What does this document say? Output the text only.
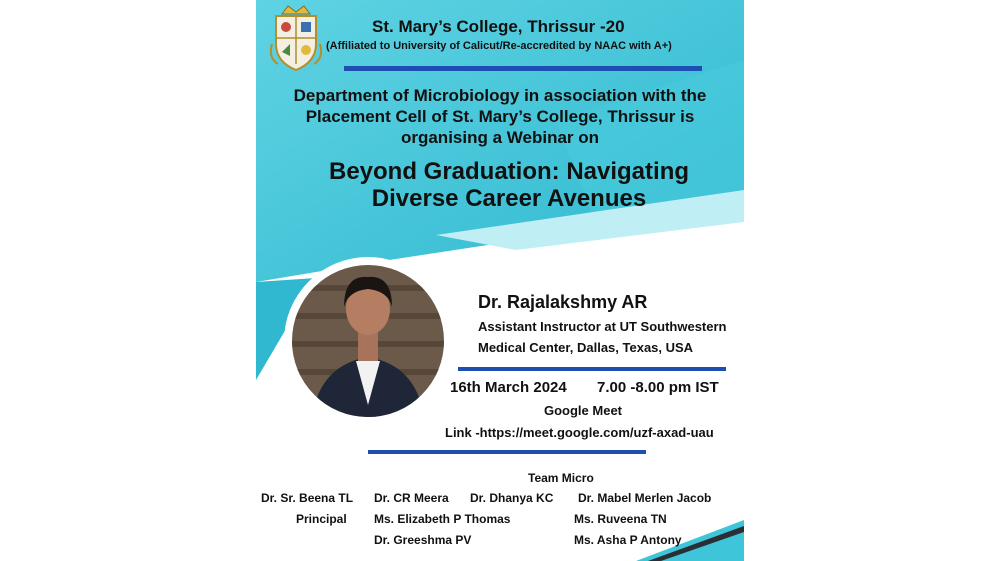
St. Mary’s College, Thrissur -20
(Affiliated to University of Calicut/Re-accredited by NAAC with A+)
Department of Microbiology in association with the
Placement Cell of St. Mary’s College, Thrissur is
organising a Webinar on
Beyond Graduation: Navigating
Diverse Career Avenues
Dr. Rajalakshmy AR
Assistant Instructor at UT Southwestern
Medical Center, Dallas, Texas, USA
16th March 2024 7.00 -8.00 pm IST
Google Meet
Link -https://meet.google.com/uzf-axad-uau
Team Micro
Dr. Sr. Beena TL
Principal
Dr. CR Meera Dr. Dhanya KC Dr. Mabel Merlen Jacob
Ms. Elizabeth P Thomas	Ms. Ruveena TN
Dr. Greeshma PV	Ms. Asha P Antony
